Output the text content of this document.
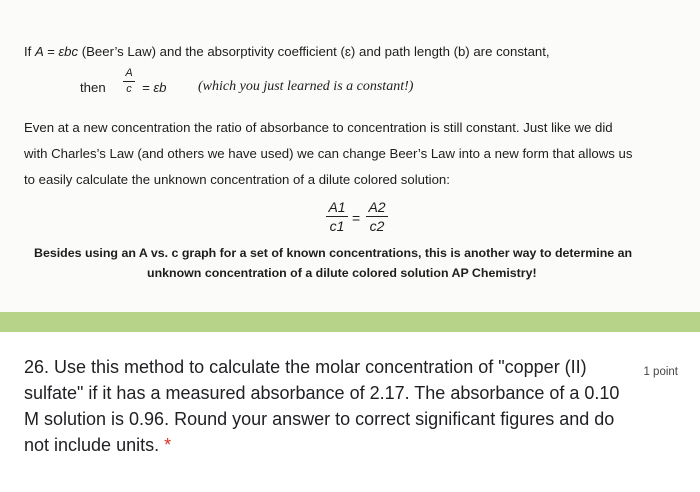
If A = ɛbc (Beer’s Law) and the absorptivity coefficient (ɛ) and path length (b) are constant,
then
A
c = ɛb (which you just learned is a constant!)
Even at a new concentration the ratio of absorbance to concentration is still constant. Just like we did
with Charles’s Law (and others we have used) we can change Beer’s Law into a new form that allows us
to easily calculate the unknown concentration of a dilute colored solution:
A1
c1 =
A2
c2
Besides using an A vs. c graph for a set of known concentrations, this is another way to determine an
unknown concentration of a dilute colored solution AP Chemistry!
26. Use this method to calculate the molar concentration of "copper (II) sulfate" if it has a measured absorbance of 2.17. The absorbance of a 0.10 M solution is 0.96. Round your answer to correct significant figures and do not include units. *
1 point
